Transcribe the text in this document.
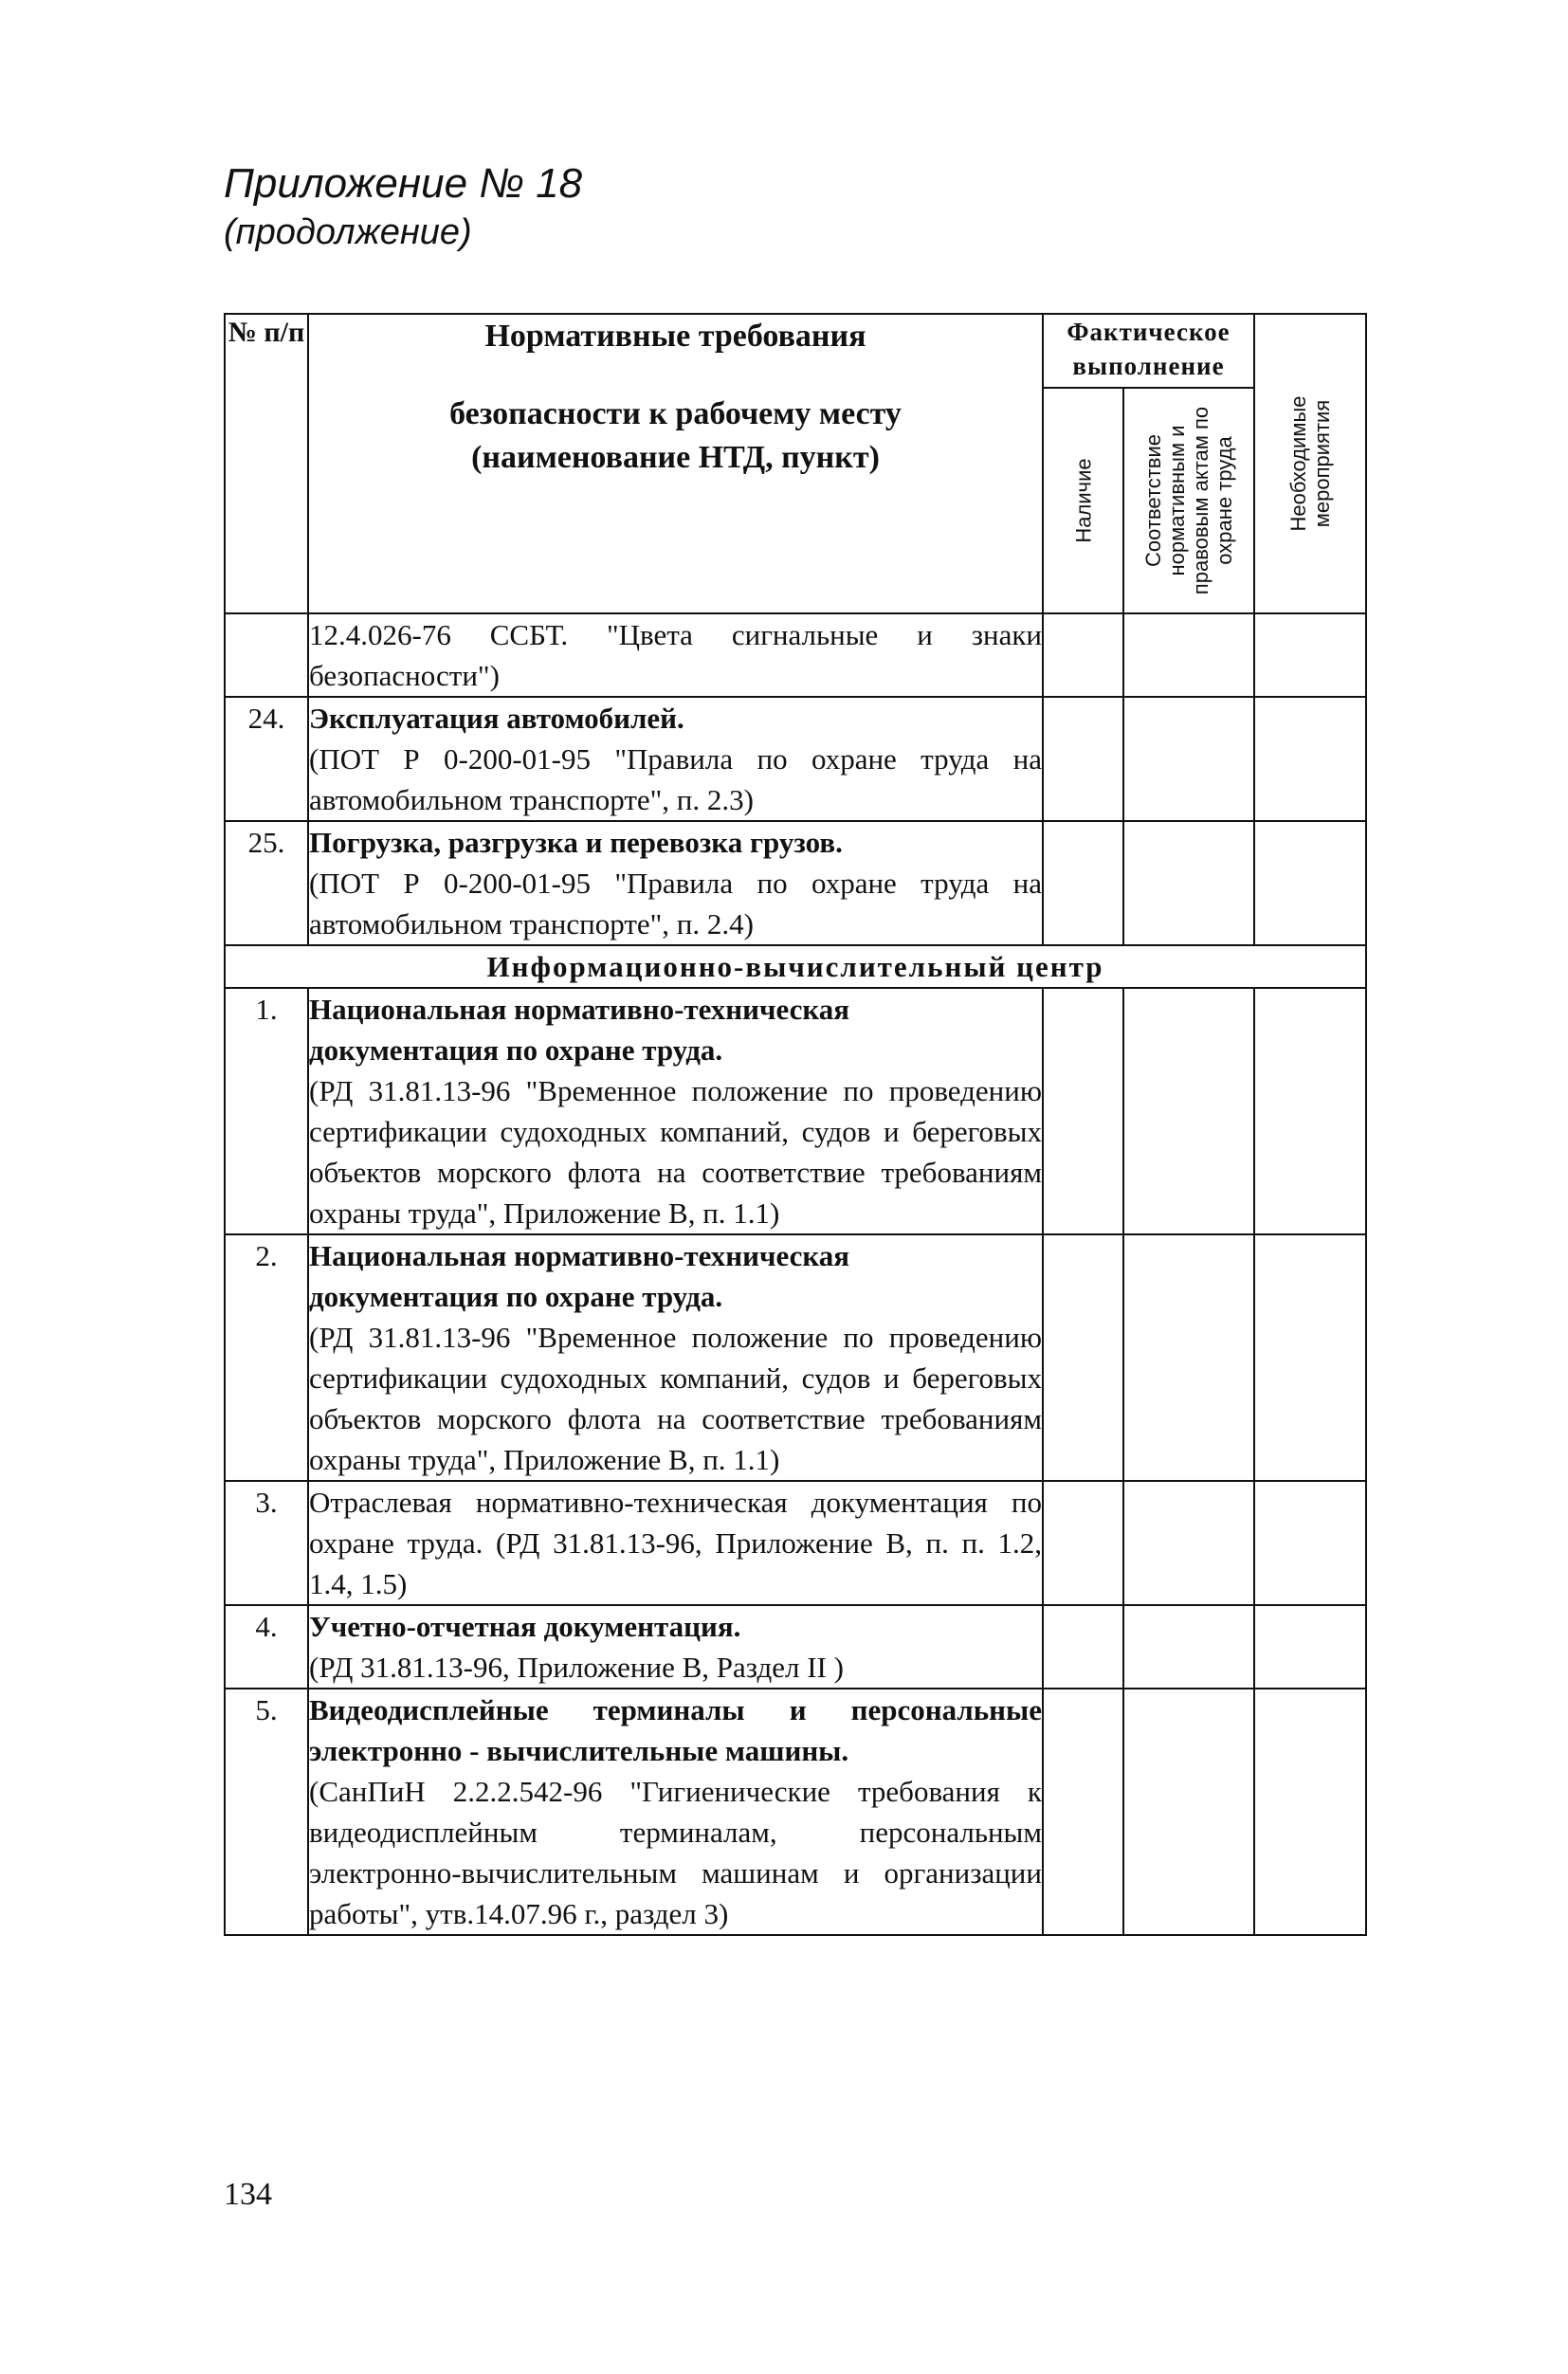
Приложение № 18
(продолжение)
№ п/п	Нормативные требования
безопасности к рабочему месту
(наименование НТД, пункт)	Фактическое выполнение		Необходимые мероприятия

		Наличие	Соответствие нормативным и правовым актам по охране труда	

	12.4.026-76 ССБТ. "Цвета сигнальные и знаки безопасности")			

24.	Эксплуатация автомобилей.
(ПОТ Р 0-200-01-95 "Правила по охране труда на автомобильном транспорте", п. 2.3)			

25.	Погрузка, разгрузка и перевозка грузов.
(ПОТ Р 0-200-01-95 "Правила по охране труда на автомобильном транспорте", п. 2.4)			

Информационно-вычислительный центр				
1.	Национальная нормативно-техническая документация по охране труда.
(РД 31.81.13-96 "Временное положение по проведению сертификации судоходных компаний, судов и береговых объектов морского флота на соответствие требованиям охраны труда", Приложение В, п. 1.1)			

2.	Национальная нормативно-техническая документация по охране труда.
(РД 31.81.13-96 "Временное положение по проведению сертификации судоходных компаний, судов и береговых объектов морского флота на соответствие требованиям охраны труда", Приложение В, п. 1.1)			

3.	Отраслевая нормативно-техническая документация по охране труда. (РД 31.81.13-96, Приложение В, п. п. 1.2, 1.4, 1.5)			

4.	Учетно-отчетная документация.
(РД 31.81.13-96, Приложение В, Раздел II )			

5.	Видеодисплейные терминалы и персональные электронно - вычислительные машины.
(СанПиН 2.2.2.542-96 "Гигиенические требования к видеодисплейным терминалам, персональным электронно-вычислительным машинам и организации работы", утв.14.07.96 г., раздел 3)			

134
